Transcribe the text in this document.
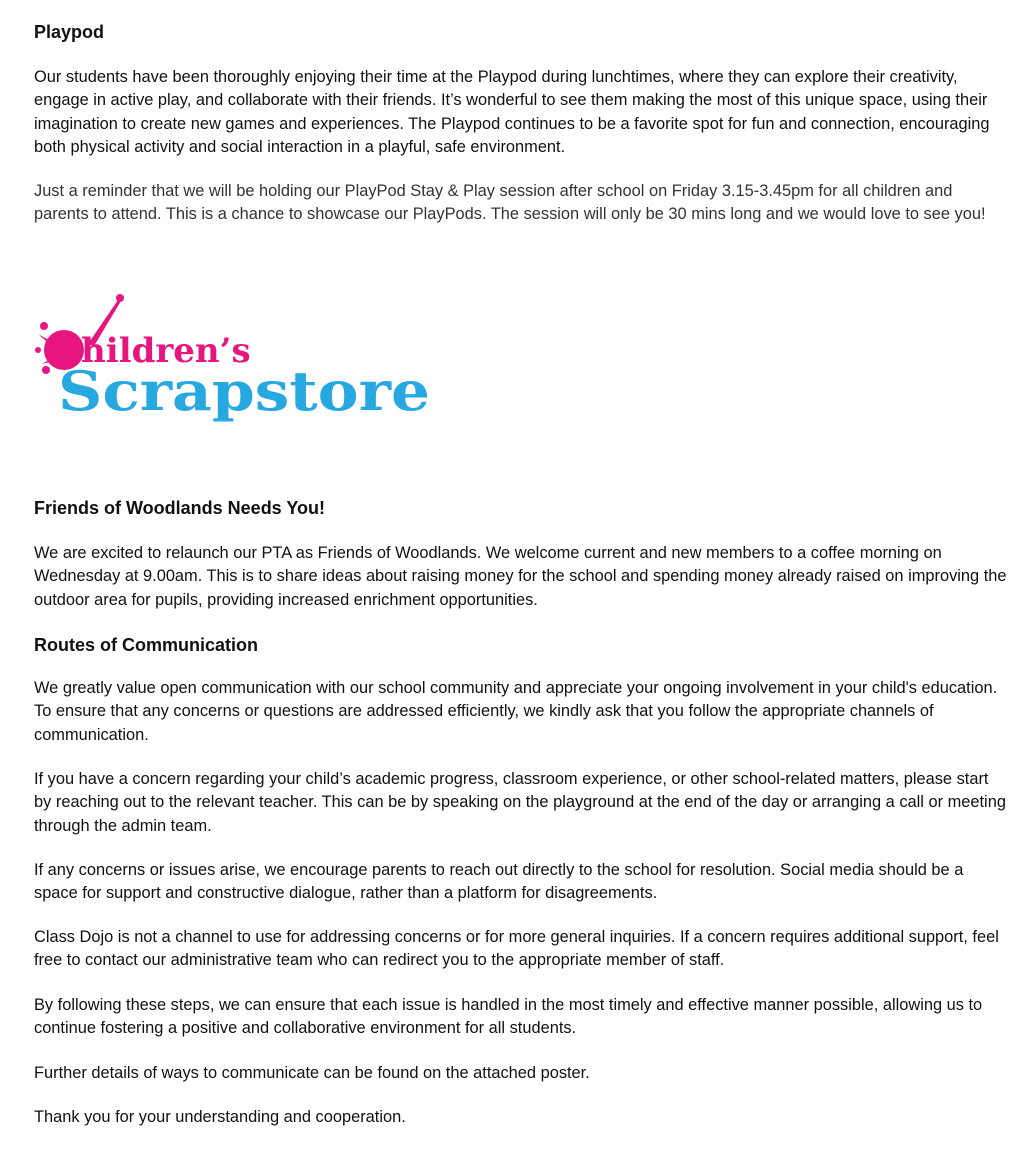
Playpod

Our students have been thoroughly enjoying their time at the Playpod during lunchtimes, where they can explore their creativity, engage in active play, and collaborate with their friends. It’s wonderful to see them making the most of this unique space, using their imagination to create new games and experiences. The Playpod continues to be a favorite spot for fun and connection, encouraging both physical activity and social interaction in a playful, safe environment.

Just a reminder that we will be holding our PlayPod Stay & Play session after school on Friday 3.15-3.45pm for all children and parents to attend. This is a chance to showcase our PlayPods. The session will only be 30 mins long and we would love to see you!

Children’s
Scrapstore
Friends of Woodlands Needs You!

We are excited to relaunch our PTA as Friends of Woodlands. We welcome current and new members to a coffee morning on Wednesday at 9.00am. This is to share ideas about raising money for the school and spending money already raised on improving the outdoor area for pupils, providing increased enrichment opportunities.

Routes of Communication

We greatly value open communication with our school community and appreciate your ongoing involvement in your child's education. To ensure that any concerns or questions are addressed efficiently, we kindly ask that you follow the appropriate channels of communication.

If you have a concern regarding your child’s academic progress, classroom experience, or other school-related matters, please start by reaching out to the relevant teacher. This can be by speaking on the playground at the end of the day or arranging a call or meeting through the admin team.

If any concerns or issues arise, we encourage parents to reach out directly to the school for resolution. Social media should be a space for support and constructive dialogue, rather than a platform for disagreements.

Class Dojo is not a channel to use for addressing concerns or for more general inquiries. If a concern requires additional support, feel free to contact our administrative team who can redirect you to the appropriate member of staff.

By following these steps, we can ensure that each issue is handled in the most timely and effective manner possible, allowing us to continue fostering a positive and collaborative environment for all students.

Further details of ways to communicate can be found on the attached poster.

Thank you for your understanding and cooperation.
